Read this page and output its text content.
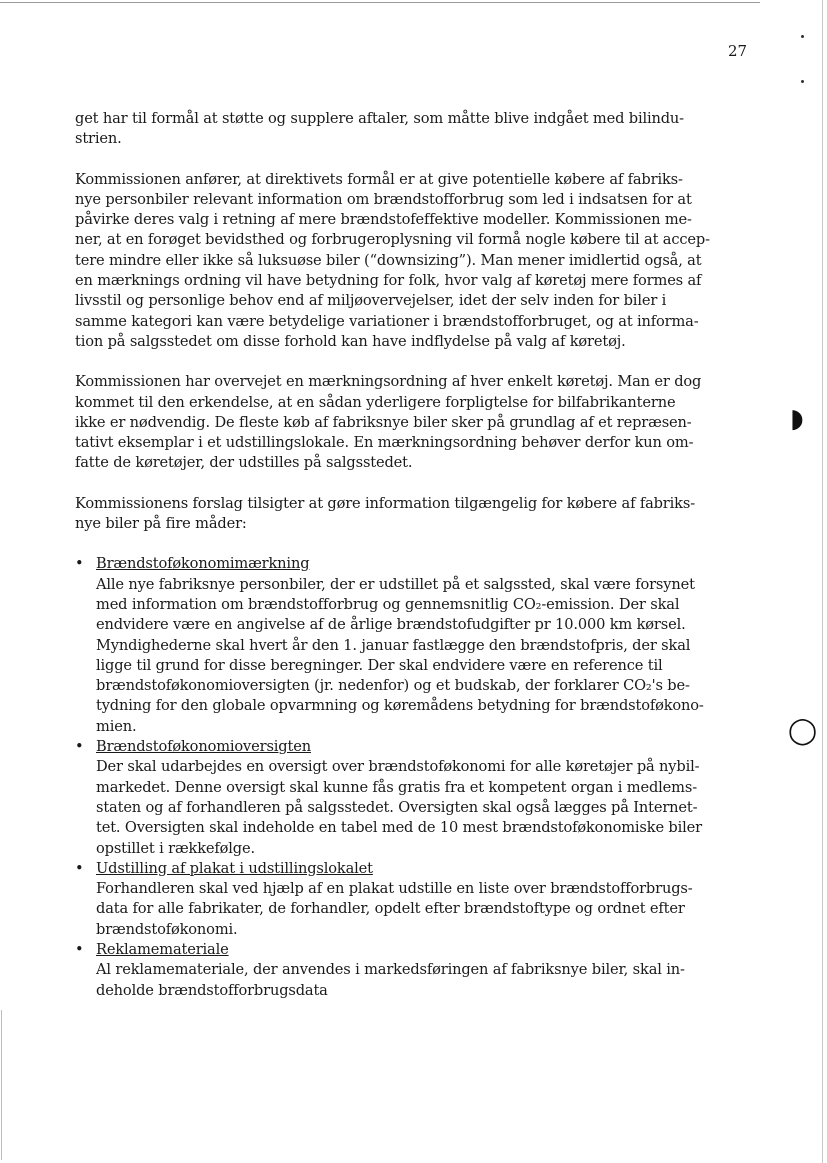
◗
◯
27

get har til formål at støtte og supplere aftaler, som måtte blive indgået med bilindu-
strien.

Kommissionen anfører, at direktivets formål er at give potentielle købere af fabriks-
nye personbiler relevant information om brændstofforbrug som led i indsatsen for at
påvirke deres valg i retning af mere brændstofeffektive modeller. Kommissionen me-
ner, at en forøget bevidsthed og forbrugeroplysning vil formå nogle købere til at accep-
tere mindre eller ikke så luksuøse biler (“downsizing”). Man mener imidlertid også, at
en mærknings ordning vil have betydning for folk, hvor valg af køretøj mere formes af
livsstil og personlige behov end af miljøovervejelser, idet der selv inden for biler i
samme kategori kan være betydelige variationer i brændstofforbruget, og at informa-
tion på salgsstedet om disse forhold kan have indflydelse på valg af køretøj.

Kommissionen har overvejet en mærkningsordning af hver enkelt køretøj. Man er dog
kommet til den erkendelse, at en sådan yderligere forpligtelse for bilfabrikanterne
ikke er nødvendig. De fleste køb af fabriksnye biler sker på grundlag af et repræsen-
tativt eksemplar i et udstillingslokale. En mærkningsordning behøver derfor kun om-
fatte de køretøjer, der udstilles på salgsstedet.

Kommissionens forslag tilsigter at gøre information tilgængelig for købere af fabriks-
nye biler på fire måder:

• Brændstoføkonomimærkning
Alle nye fabriksnye personbiler, der er udstillet på et salgssted, skal være forsynet
med information om brændstofforbrug og gennemsnitlig CO₂-emission. Der skal
endvidere være en angivelse af de årlige brændstofudgifter pr 10.000 km kørsel.
Myndighederne skal hvert år den 1. januar fastlægge den brændstofpris, der skal
ligge til grund for disse beregninger. Der skal endvidere være en reference til
brændstoføkonomioversigten (jr. nedenfor) og et budskab, der forklarer CO₂'s be-
tydning for den globale opvarmning og køremådens betydning for brændstoføkono-
mien.
• Brændstoføkonomioversigten
Der skal udarbejdes en oversigt over brændstoføkonomi for alle køretøjer på nybil-
markedet. Denne oversigt skal kunne fås gratis fra et kompetent organ i medlems-
staten og af forhandleren på salgsstedet. Oversigten skal også lægges på Internet-
tet. Oversigten skal indeholde en tabel med de 10 mest brændstoføkonomiske biler
opstillet i rækkefølge.
• Udstilling af plakat i udstillingslokalet
Forhandleren skal ved hjælp af en plakat udstille en liste over brændstofforbrugs-
data for alle fabrikater, de forhandler, opdelt efter brændstoftype og ordnet efter
brændstoføkonomi.
• Reklamemateriale
Al reklamemateriale, der anvendes i markedsføringen af fabriksnye biler, skal in-
deholde brændstofforbrugsdata
